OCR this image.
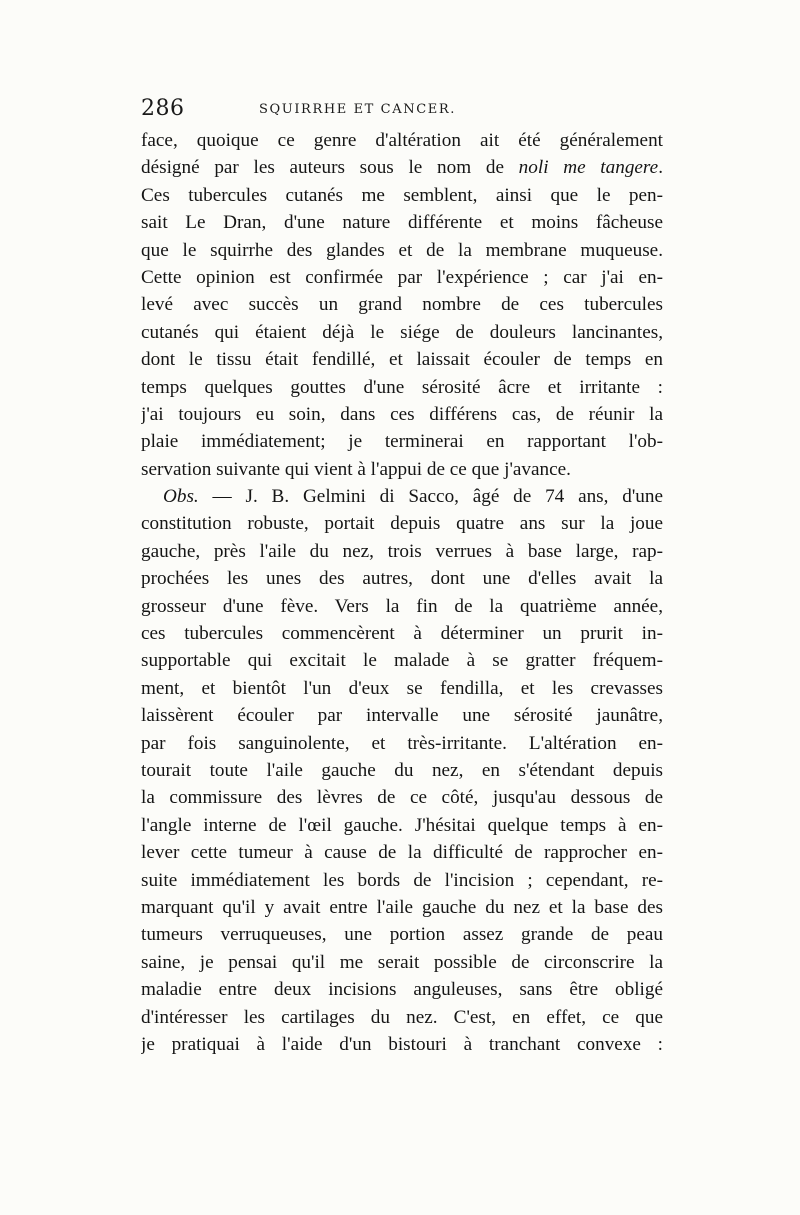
286	SQUIRRHE ET CANCER.
face, quoique ce genre d'altération ait été généralement
désigné par les auteurs sous le nom de noli me tangere.
Ces tubercules cutanés me semblent, ainsi que le pen-
sait Le Dran, d'une nature différente et moins fâcheuse
que le squirrhe des glandes et de la membrane muqueuse.
Cette opinion est confirmée par l'expérience ; car j'ai en-
levé avec succès un grand nombre de ces tubercules
cutanés qui étaient déjà le siége de douleurs lancinantes,
dont le tissu était fendillé, et laissait écouler de temps en
temps quelques gouttes d'une sérosité âcre et irritante :
j'ai toujours eu soin, dans ces différens cas, de réunir la
plaie immédiatement; je terminerai en rapportant l'ob-
servation suivante qui vient à l'appui de ce que j'avance.
Obs. — J. B. Gelmini di Sacco, âgé de 74 ans, d'une
constitution robuste, portait depuis quatre ans sur la joue
gauche, près l'aile du nez, trois verrues à base large, rap-
prochées les unes des autres, dont une d'elles avait la
grosseur d'une fève. Vers la fin de la quatrième année,
ces tubercules commencèrent à déterminer un prurit in-
supportable qui excitait le malade à se gratter fréquem-
ment, et bientôt l'un d'eux se fendilla, et les crevasses
laissèrent écouler par intervalle une sérosité jaunâtre,
par fois sanguinolente, et très-irritante. L'altération en-
tourait toute l'aile gauche du nez, en s'étendant depuis
la commissure des lèvres de ce côté, jusqu'au dessous de
l'angle interne de l'œil gauche. J'hésitai quelque temps à en-
lever cette tumeur à cause de la difficulté de rapprocher en-
suite immédiatement les bords de l'incision ; cependant, re-
marquant qu'il y avait entre l'aile gauche du nez et la base des
tumeurs verruqueuses, une portion assez grande de peau
saine, je pensai qu'il me serait possible de circonscrire la
maladie entre deux incisions anguleuses, sans être obligé
d'intéresser les cartilages du nez. C'est, en effet, ce que
je pratiquai à l'aide d'un bistouri à tranchant convexe :
